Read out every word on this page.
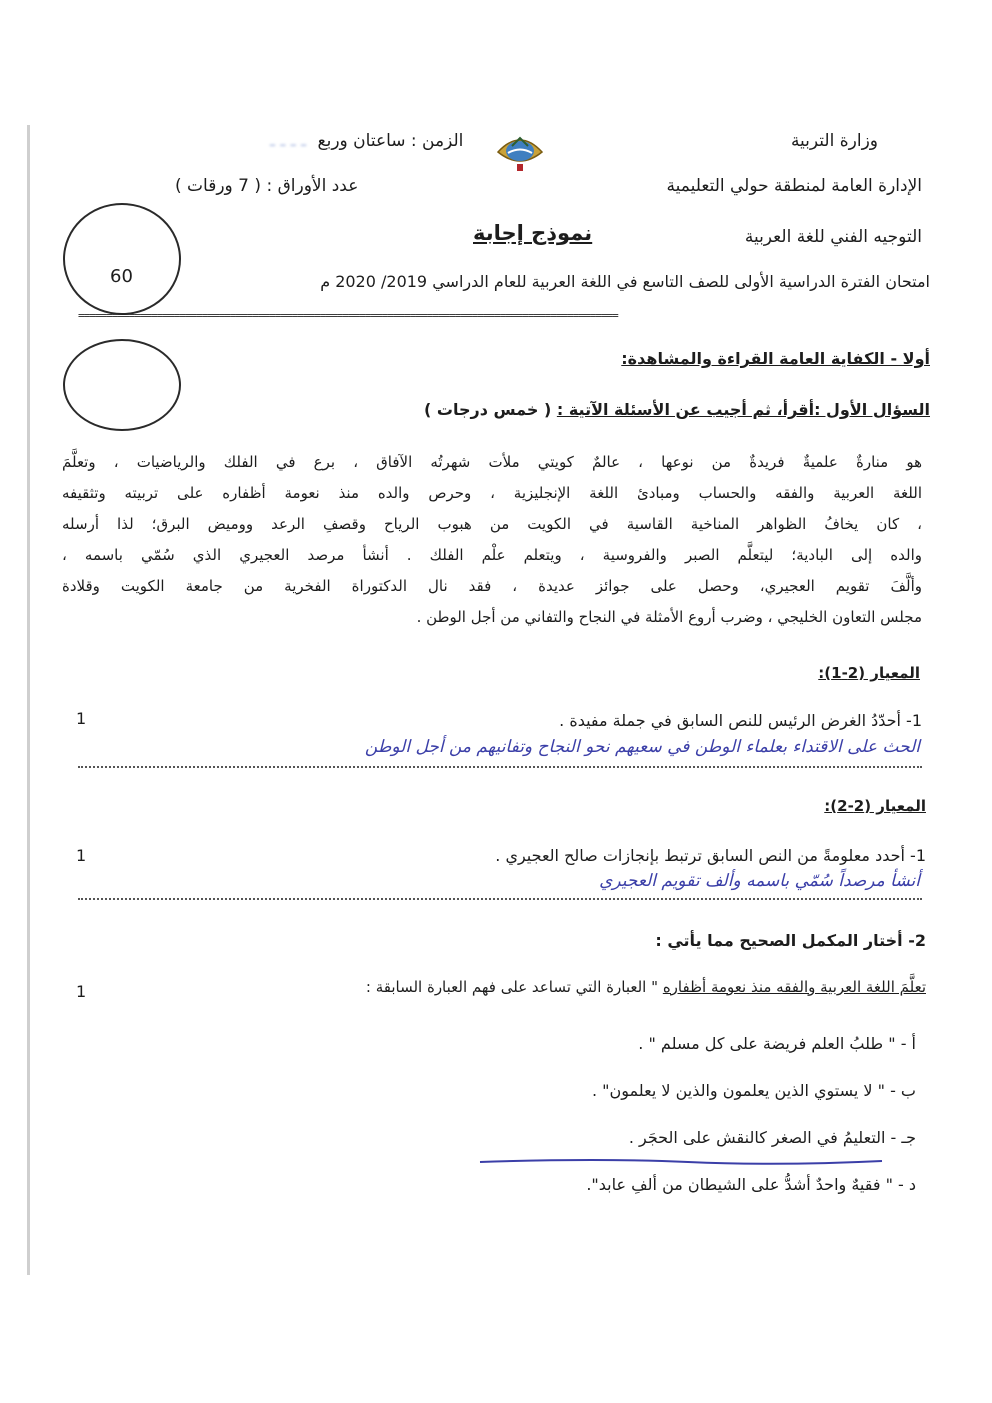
وزارة التربية
الإدارة العامة لمنطقة حولي التعليمية
التوجيه الفني للغة العربية
الزمن : ساعتان وربع ـ ـ ـ ـ
عدد الأوراق : ( 7 ورقات )
نموذج إجابة
60	امتحان الفترة الدراسية الأولى للصف التاسع في اللغة العربية للعام الدراسي 2019/ 2020 م
================================================================================================
أولا - الكفاية العامة القراءة والمشاهدة:
السؤال الأول :أقرأ، ثم أجيب عن الأسئلة الآتية : ( خمس درجات )
هو منارةٌ علميةٌ فريدةٌ من نوعها ، عالمٌ كويتي ملأت شهرتُه الآفاق ، برع في الفلك والرياضيات ، وتعلَّمَ
اللغة العربية والفقه والحساب ومبادئ اللغة الإنجليزية ، وحرص والده منذ نعومة أظفاره على تربيته وتثقيفه
، كان يخافُ الظواهر المناخية القاسية في الكويت من هبوب الرياح وقصفِ الرعد ووميض البرق؛ لذا أرسله
والده إلى البادية؛ ليتعلَّم الصبر والفروسية ، ويتعلم علْم الفلك . أنشأ مرصد العجيري الذي سُمّي باسمه ،
وألَّفَ تقويم العجيري، وحصل على جوائز عديدة ، فقد نال الدكتوراة الفخرية من جامعة الكويت وقلادة
مجلس التعاون الخليجي ، وضرب أروع الأمثلة في النجاح والتفاني من أجل الوطن .
المعيار (2-1):
1- أحدّدُ الغرض الرئيس للنص السابق في جملة مفيدة .
1
الحث على الاقتداء بعلماء الوطن في سعيهم نحو النجاح وتفانيهم من أجل الوطن
المعيار (2-2):
1- أحدد معلومةً من النص السابق ترتبط بإنجازات صالح العجيري .
1
أنشأ مرصداً سُمّي باسمه وألف تقويم العجيري
2- أختار المكمل الصحيح مما يأتي :
تعلَّمَ اللغة العربية والفقه منذ نعومة أظفاره " العبارة التي تساعد على فهم العبارة السابقة :
1
أ - " طلبُ العلم فريضة على كل مسلم " .
ب - " لا يستوي الذين يعلمون والذين لا يعلمون" .
جـ - التعليمُ في الصغر كالنقش على الحجَر .
د - " فقيهٌ واحدٌ أشدُّ على الشيطان من ألفِ عابد".
